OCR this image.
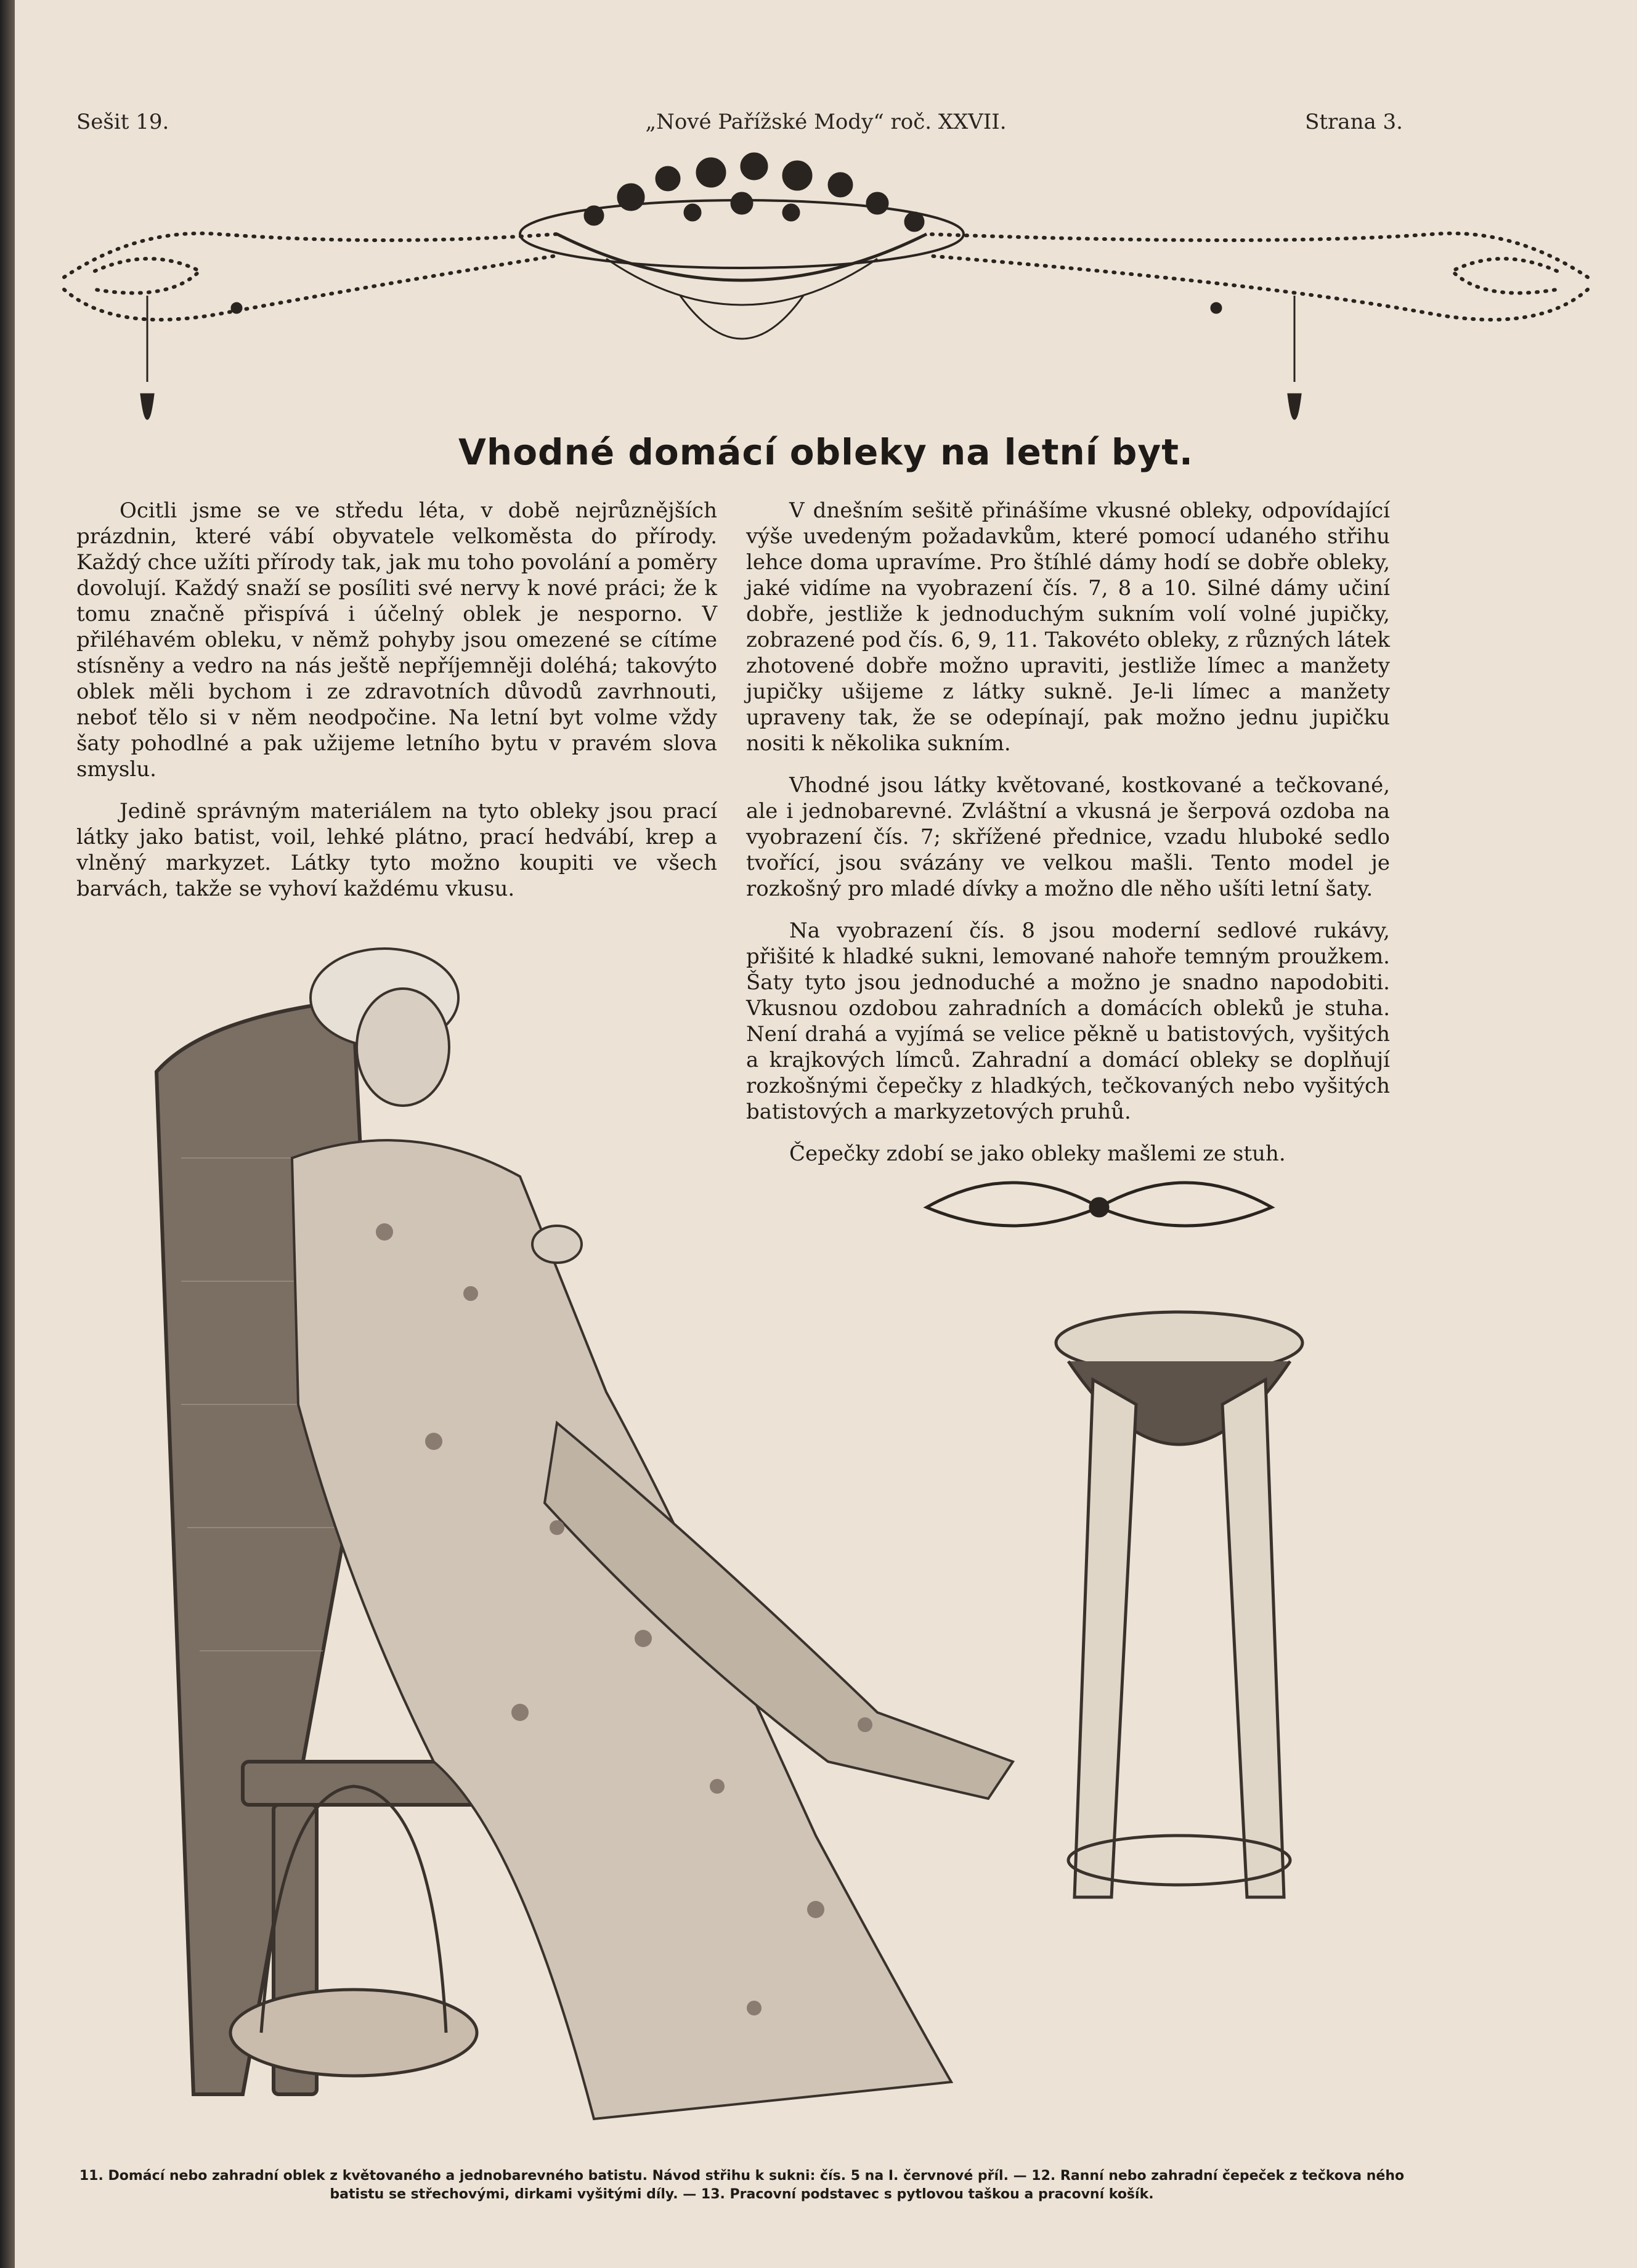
Sešit 19.	„Nové Pařížské Mody“ roč. XXVII.	Strana 3.
Vhodné domácí obleky na letní byt.

Ocitli jsme se ve středu léta, v době nejrůznějších prázdnin, které vábí obyvatele velkoměsta do přírody. Každý chce užíti přírody tak, jak mu toho povolání a poměry dovolují. Každý snaží se posíliti své nervy k nové práci; že k tomu značně přispívá i účelný oblek je nesporno. V přiléhavém obleku, v němž pohyby jsou omezené se cítíme stísněny a vedro na nás ještě nepříjemněji doléhá; takovýto oblek měli bychom i ze zdravotních důvodů zavrhnouti, neboť tělo si v něm neodpočine. Na letní byt volme vždy šaty pohodlné a pak užijeme letního bytu v pravém slova smyslu.

Jedině správným materiálem na tyto obleky jsou prací látky jako batist, voil, lehké plátno, prací hedvábí, krep a vlněný markyzet. Látky tyto možno koupiti ve všech barvách, takže se vyhoví každému vkusu.

V dnešním sešitě přinášíme vkusné obleky, odpovídající výše uvedeným požadavkům, které pomocí udaného střihu lehce doma upravíme. Pro štíhlé dámy hodí se dobře obleky, jaké vidíme na vyobrazení čís. 7, 8 a 10. Silné dámy učiní dobře, jestliže k jednoduchým sukním volí volné jupičky, zobrazené pod čís. 6, 9, 11. Takovéto obleky, z různých látek zhotovené dobře možno upraviti, jestliže límec a manžety jupičky ušijeme z látky sukně. Je-li límec a manžety upraveny tak, že se odepínají, pak možno jednu jupičku nositi k několika sukním.

Vhodné jsou látky květované, kostkované a tečkované, ale i jednobarevné. Zvláštní a vkusná je šerpová ozdoba na vyobrazení čís. 7; skřížené přednice, vzadu hluboké sedlo tvořící, jsou svázány ve velkou mašli. Tento model je rozkošný pro mladé dívky a možno dle něho ušíti letní šaty.

Na vyobrazení čís. 8 jsou moderní sedlové rukávy, přišité k hladké sukni, lemované nahoře temným proužkem. Šaty tyto jsou jednoduché a možno je snadno napodobiti. Vkusnou ozdobou zahradních a domácích obleků je stuha. Není drahá a vyjímá se velice pěkně u batistových, vyšitých a krajkových límců. Zahradní a domácí obleky se doplňují rozkošnými čepečky z hladkých, tečkovaných nebo vyšitých batistových a markyzetových pruhů.

Čepečky zdobí se jako obleky mašlemi ze stuh.

11. Domácí nebo zahradní oblek z květovaného a jednobarevného batistu. Návod střihu k sukni: čís. 5 na I. červnové příl. — 12. Ranní nebo zahradní čepeček z tečkova ného batistu se střechovými, dirkami vyšitými díly. — 13. Pracovní podstavec s pytlovou taškou a pracovní košík.
